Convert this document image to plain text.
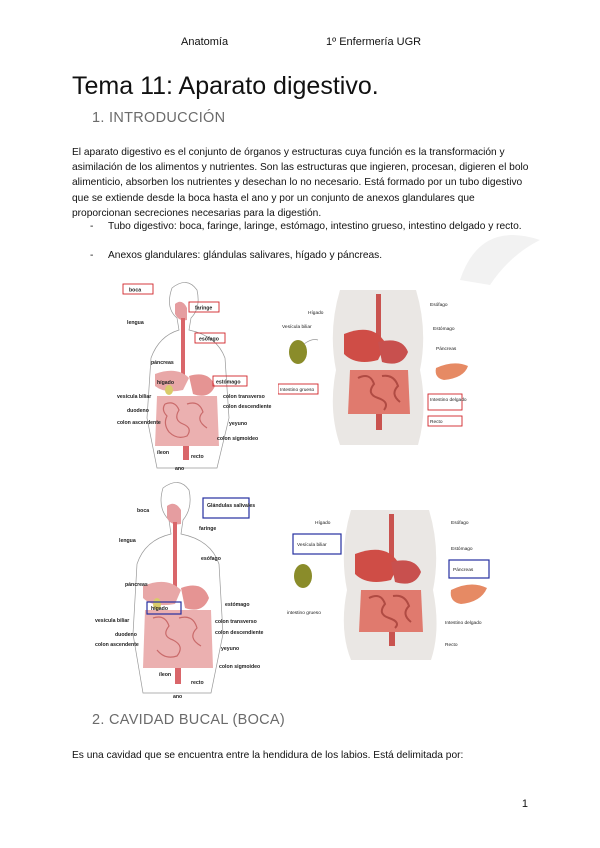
Anatomía	1º Enfermería UGR
Tema 11: Aparato digestivo.
1. INTRODUCCIÓN

El aparato digestivo es el conjunto de órganos y estructuras cuya función es la transformación y asimilación de los alimentos y nutrientes. Son las estructuras que ingieren, procesan, digieren el bolo alimenticio, absorben los nutrientes y desechan lo no necesario. Está formado por un tubo digestivo que se extiende desde la boca hasta el ano y por un conjunto de anexos glandulares que proporcionan secreciones necesarias para la digestión.

-	Tubo digestivo: boca, faringe, laringe, estómago, intestino grueso, intestino delgado y recto.
-	Anexos glandulares: glándulas salivares, hígado y páncreas.
boca
faringe
lengua
esófago
páncreas
hígado	estómago
vesícula biliar	colon transverso
duodeno
colon descendiente
colon ascendente	yeyuno
colon sigmoideo
íleon
recto
ano
Hígado
Esófago
Vesícula biliar	Estómago
Páncreas
Intestino grueso
Intestino delgado
Recto
Glándulas salivales
boca
faringe
lengua
esófago
páncreas
hígado
estómago
vesícula biliar	colon transverso
duodeno	colon descendiente
colon ascendente
yeyuno
colon sigmoideo
íleon
recto
ano
Hígado	Esófago
Vesícula biliar
Estómago
Páncreas
intestino grueso
Intestino delgado
Recto
2. CAVIDAD BUCAL (BOCA)

Es una cavidad que se encuentra entre la hendidura de los labios. Está delimitada por:

1
